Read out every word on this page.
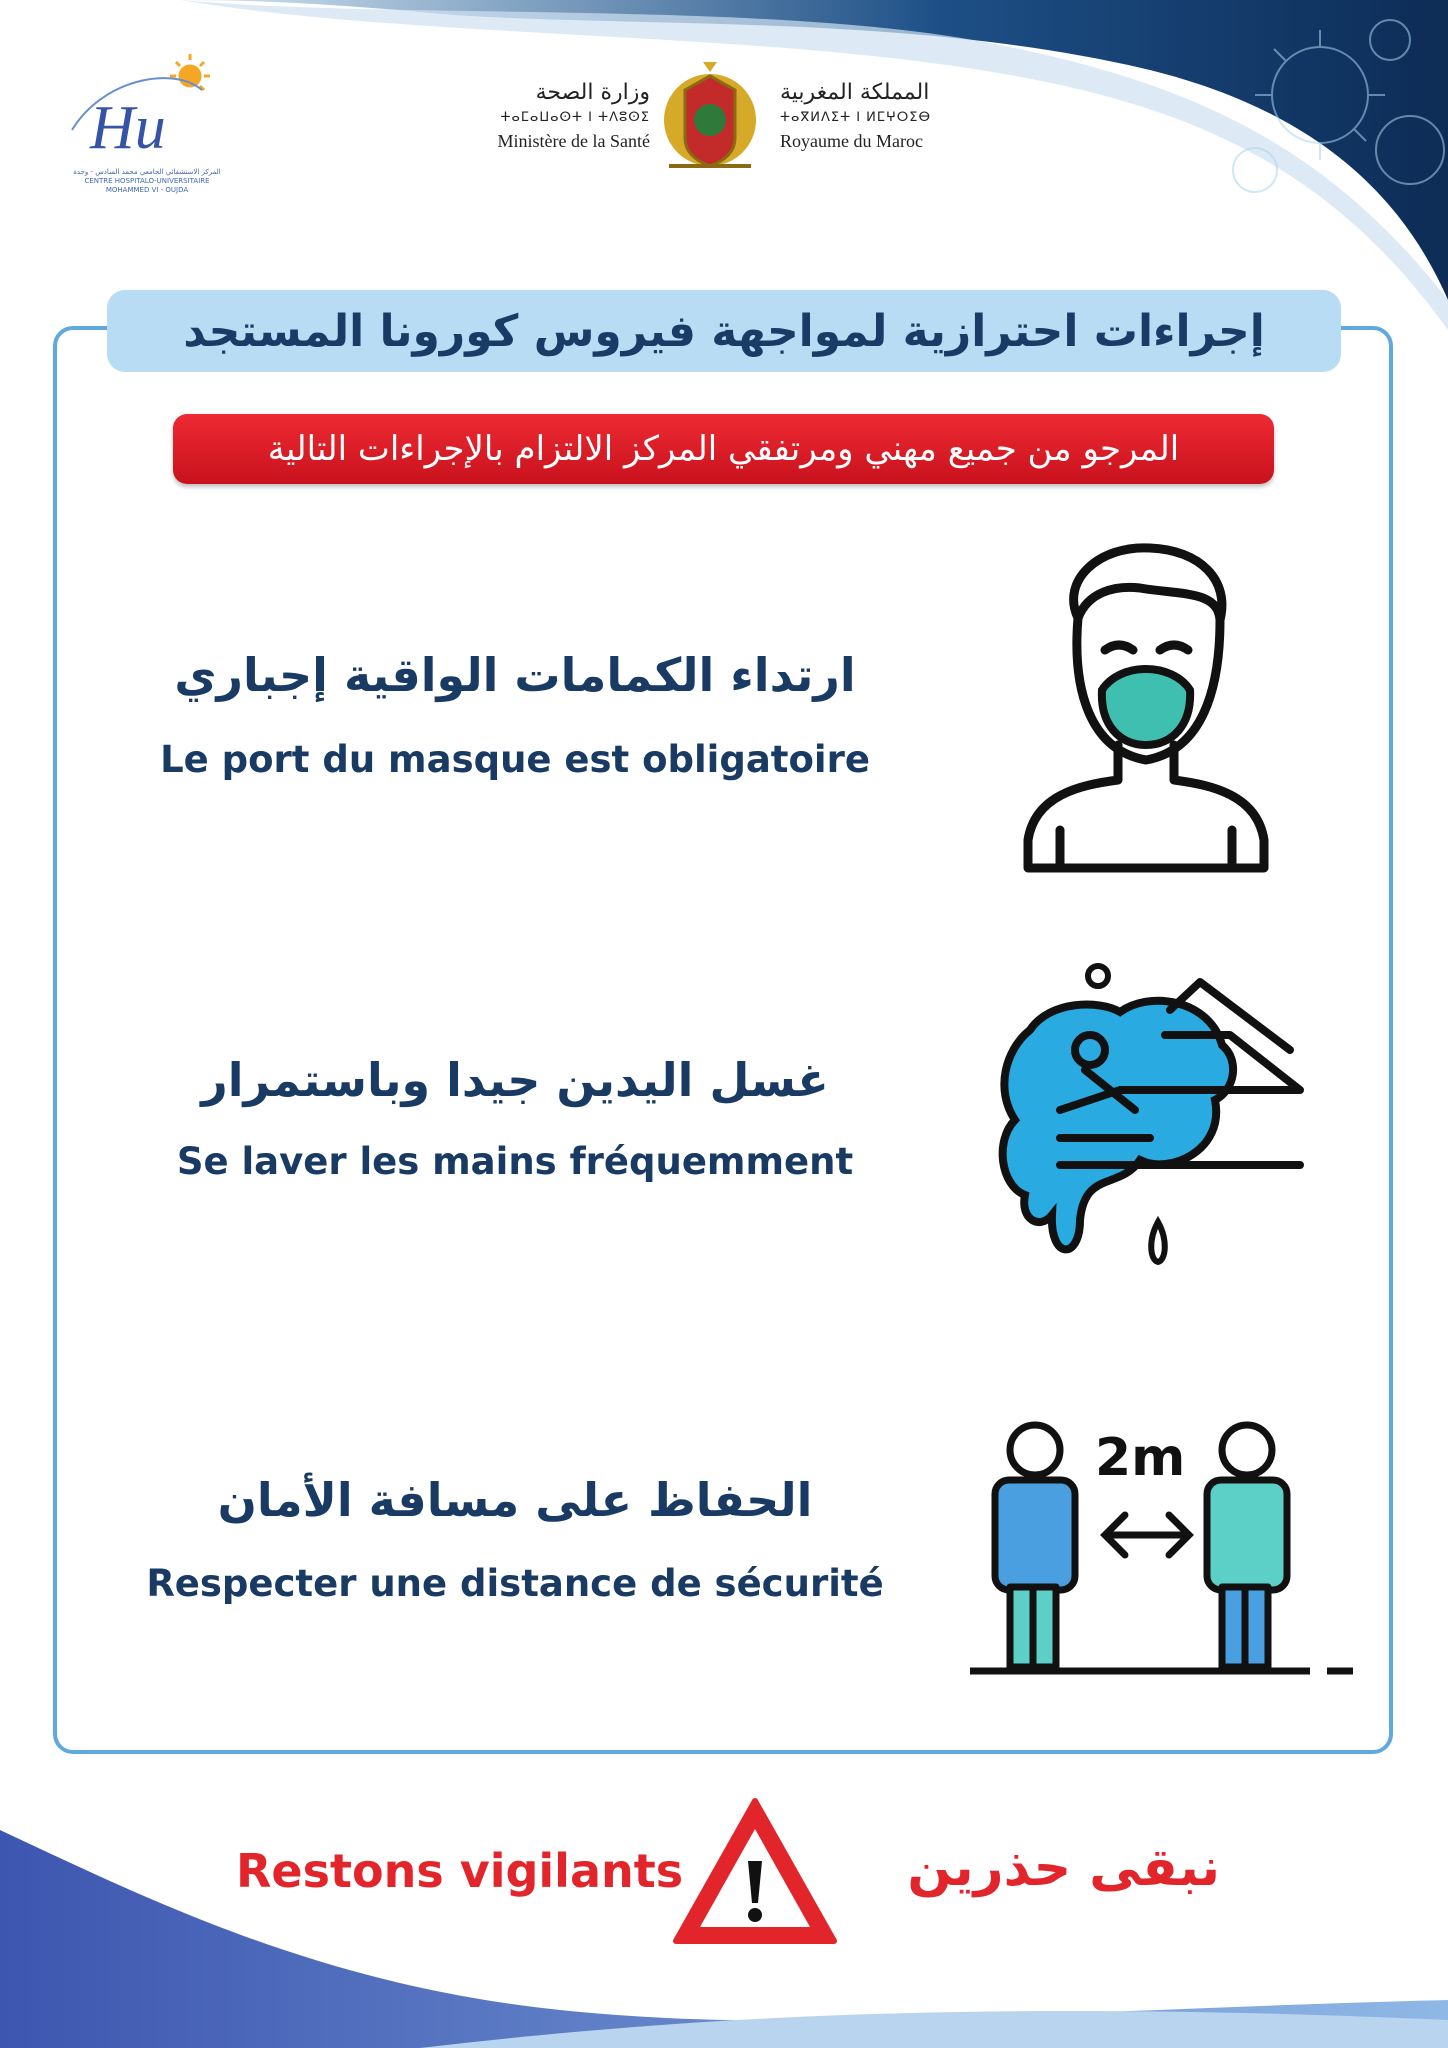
Hu
المركز الاستشفائي الجامعي محمد السادس - وجدة
CENTRE HOSPITALO-UNIVERSITAIRE MOHAMMED VI - OUJDA
وزارة الصحة
ⵜⴰⵎⴰⵡⴰⵙⵜ ⵏ ⵜⴷⵓⵙⵉ
Ministère de la Santé
المملكة المغربية
ⵜⴰⴳⵍⴷⵉⵜ ⵏ ⵍⵎⵖⵔⵉⴱ
Royaume du Maroc
إجراءات احترازية لمواجهة فيروس كورونا المستجد
المرجو من جميع مهني ومرتفقي المركز الالتزام بالإجراءات التالية
ارتداء الكمامات الواقية إجباري
Le port du masque est obligatoire
غسل اليدين جيدا وباستمرار
Se laver les mains fréquemment
الحفاظ على مسافة الأمان
Respecter une distance de sécurité
2m
Restons vigilants	نبقى حذرين
